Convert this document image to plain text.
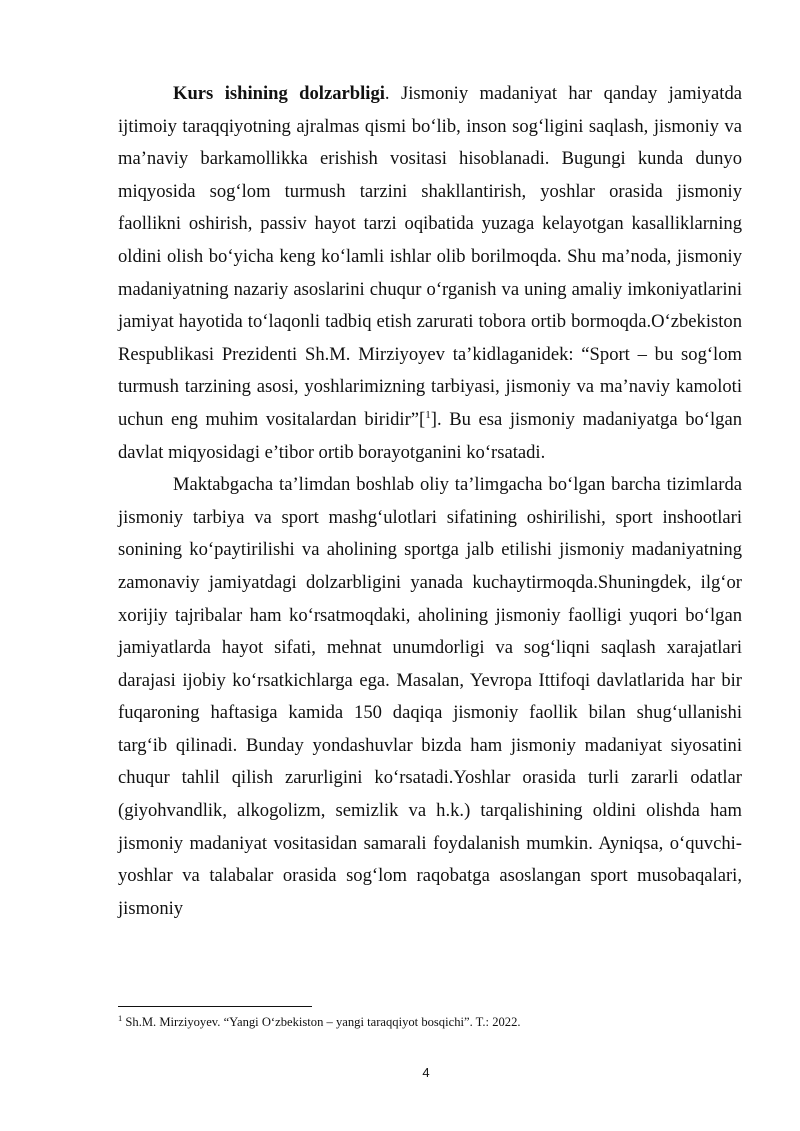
Kurs ishining dolzarbligi. Jismoniy madaniyat har qanday jamiyatda ijtimoiy taraqqiyotning ajralmas qismi bo‘lib, inson sog‘ligini saqlash, jismoniy va ma’naviy barkamollikka erishish vositasi hisoblanadi. Bugungi kunda dunyo miqyosida sog‘lom turmush tarzini shakllantirish, yoshlar orasida jismoniy faollikni oshirish, passiv hayot tarzi oqibatida yuzaga kelayotgan kasalliklarning oldini olish bo‘yicha keng ko‘lamli ishlar olib borilmoqda. Shu ma’noda, jismoniy madaniyatning nazariy asoslarini chuqur o‘rganish va uning amaliy imkoniyatlarini jamiyat hayotida to‘laqonli tadbiq etish zarurati tobora ortib bormoqda.O‘zbekiston Respublikasi Prezidenti Sh.M. Mirziyoyev ta’kidlaganidek: “Sport – bu sog‘lom turmush tarzining asosi, yoshlarimizning tarbiyasi, jismoniy va ma’naviy kamoloti uchun eng muhim vositalardan biridir”[$^1$]. Bu esa jismoniy madaniyatga bo‘lgan davlat miqyosidagi e’tibor ortib borayotganini ko‘rsatadi.

Maktabgacha ta’limdan boshlab oliy ta’limgacha bo‘lgan barcha tizimlarda jismoniy tarbiya va sport mashg‘ulotlari sifatining oshirilishi, sport inshootlari sonining ko‘paytirilishi va aholining sportga jalb etilishi jismoniy madaniyatning zamonaviy jamiyatdagi dolzarbligini yanada kuchaytirmoqda.Shuningdek, ilg‘or xorijiy tajribalar ham ko‘rsatmoqdaki, aholining jismoniy faolligi yuqori bo‘lgan jamiyatlarda hayot sifati, mehnat unumdorligi va sog‘liqni saqlash xarajatlari darajasi ijobiy ko‘rsatkichlarga ega. Masalan, Yevropa Ittifoqi davlatlarida har bir fuqaroning haftasiga kamida 150 daqiqa jismoniy faollik bilan shug‘ullanishi targ‘ib qilinadi. Bunday yondashuvlar bizda ham jismoniy madaniyat siyosatini chuqur tahlil qilish zarurligini ko‘rsatadi.Yoshlar orasida turli zararli odatlar (giyohvandlik, alkogolizm, semizlik va h.k.) tarqalishining oldini olishda ham jismoniy madaniyat vositasidan samarali foydalanish mumkin. Ayniqsa, o‘quvchi-yoshlar va talabalar orasida sog‘lom raqobatga asoslangan sport musobaqalari, jismoniy

$^1$ Sh.M. Mirziyoyev. “Yangi O‘zbekiston – yangi taraqqiyot bosqichi”. T.: 2022.
4
